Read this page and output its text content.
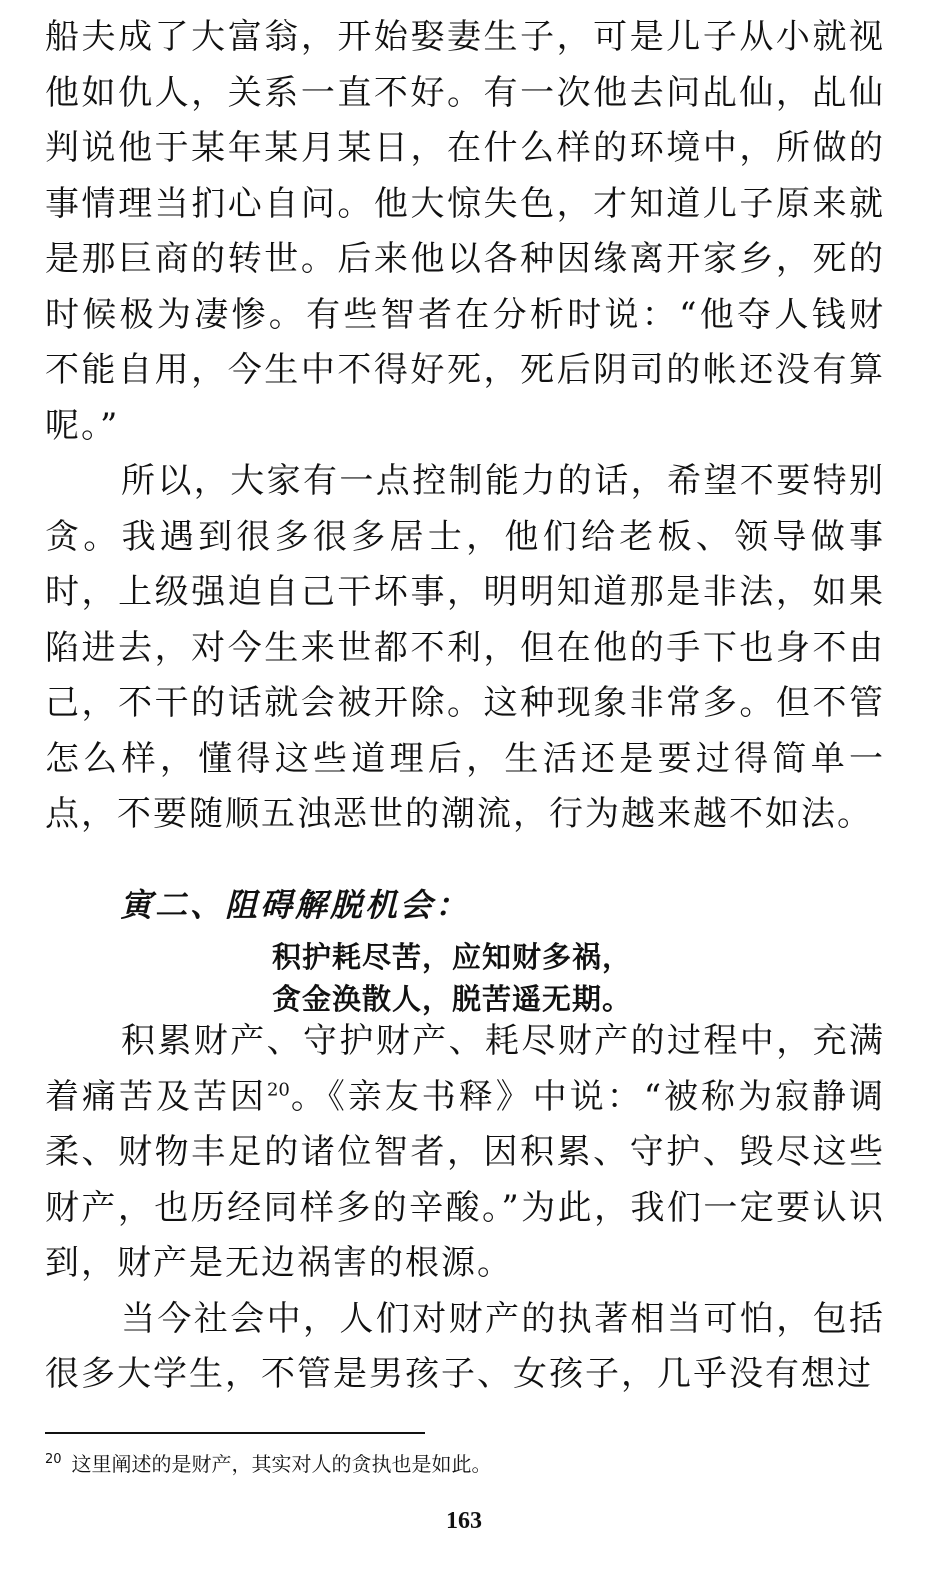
船夫成了大富翁，开始娶妻生子，可是儿子从小就视他如仇人，关系一直不好。有一次他去问乩仙，乩仙判说他于某年某月某日，在什么样的环境中，所做的事情理当扪心自问。他大惊失色，才知道儿子原来就是那巨商的转世。后来他以各种因缘离开家乡，死的时候极为凄惨。有些智者在分析时说：“他夺人钱财不能自用，今生中不得好死，死后阴司的帐还没有算呢。”

所以，大家有一点控制能力的话，希望不要特别贪。我遇到很多很多居士，他们给老板、领导做事时，上级强迫自己干坏事，明明知道那是非法，如果陷进去，对今生来世都不利，但在他的手下也身不由己，不干的话就会被开除。这种现象非常多。但不管怎么样，懂得这些道理后，生活还是要过得简单一点，不要随顺五浊恶世的潮流，行为越来越不如法。

寅二、阻碍解脱机会：

积护耗尽苦，应知财多祸，

贪金涣散人，脱苦遥无期。

积累财产、守护财产、耗尽财产的过程中，充满着痛苦及苦因$^{20}$。《亲友书释》中说：“被称为寂静调柔、财物丰足的诸位智者，因积累、守护、毁尽这些财产，也历经同样多的辛酸。”为此，我们一定要认识到，财产是无边祸害的根源。

当今社会中，人们对财产的执著相当可怕，包括很多大学生，不管是男孩子、女孩子，几乎没有想过

$^{20}$ 这里阐述的是财产，其实对人的贪执也是如此。

163
